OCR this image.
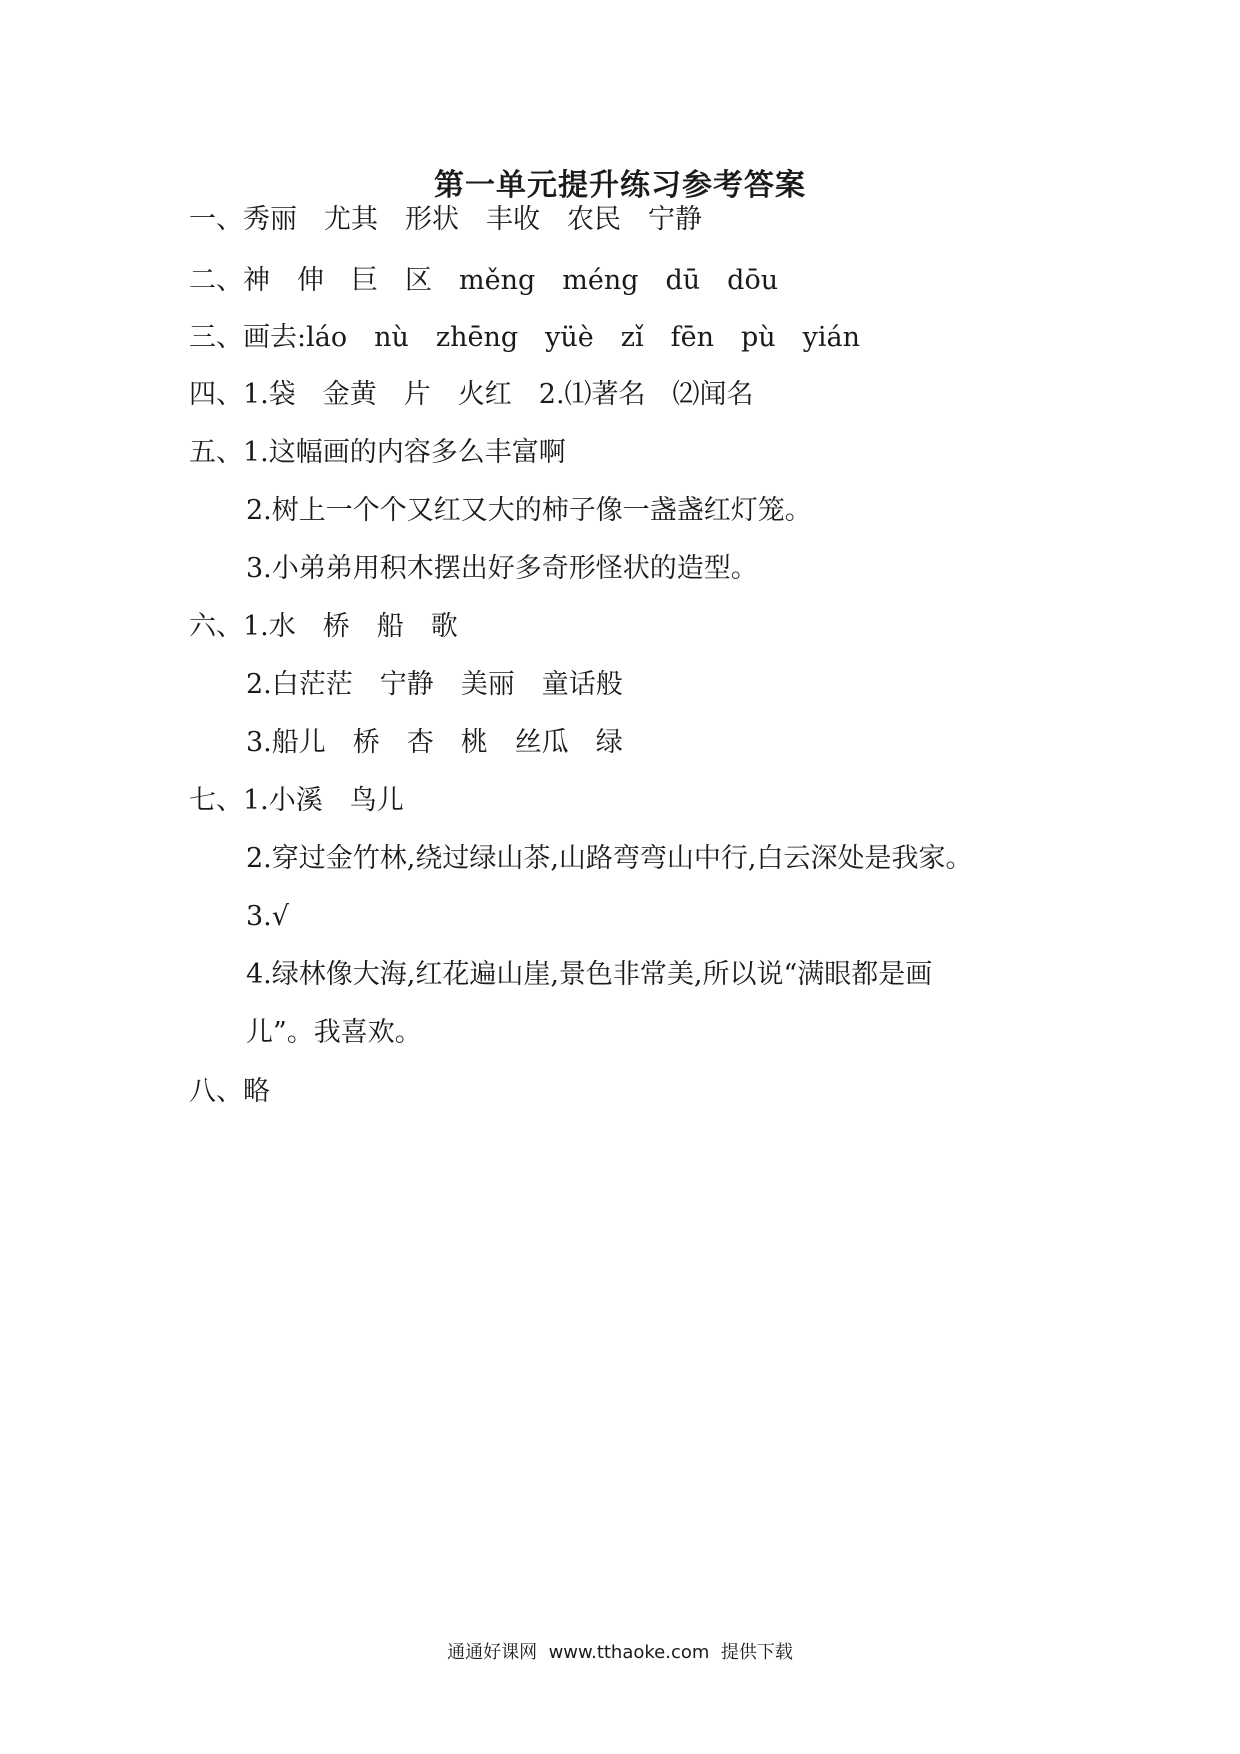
第一单元提升练习参考答案
一、秀丽　尤其　形状　丰收　农民　宁静
二、神　伸　巨　区　měng　méng　dū　dōu
三、画去:láo　nù　zhēng　yüè　zǐ　fēn　pù　yián
四、1.袋　金黄　片　火红　2.⑴著名　⑵闻名
五、1.这幅画的内容多么丰富啊
2.树上一个个又红又大的柿子像一盏盏红灯笼。
3.小弟弟用积木摆出好多奇形怪状的造型。
六、1.水　桥　船　歌
2.白茫茫　宁静　美丽　童话般
3.船儿　桥　杏　桃　丝瓜　绿
七、1.小溪　鸟儿
2.穿过金竹林,绕过绿山茶,山路弯弯山中行,白云深处是我家。
3.√
4.绿林像大海,红花遍山崖,景色非常美,所以说“满眼都是画
儿”。我喜欢。
八、略
通通好课网  www.tthaoke.com  提供下载
